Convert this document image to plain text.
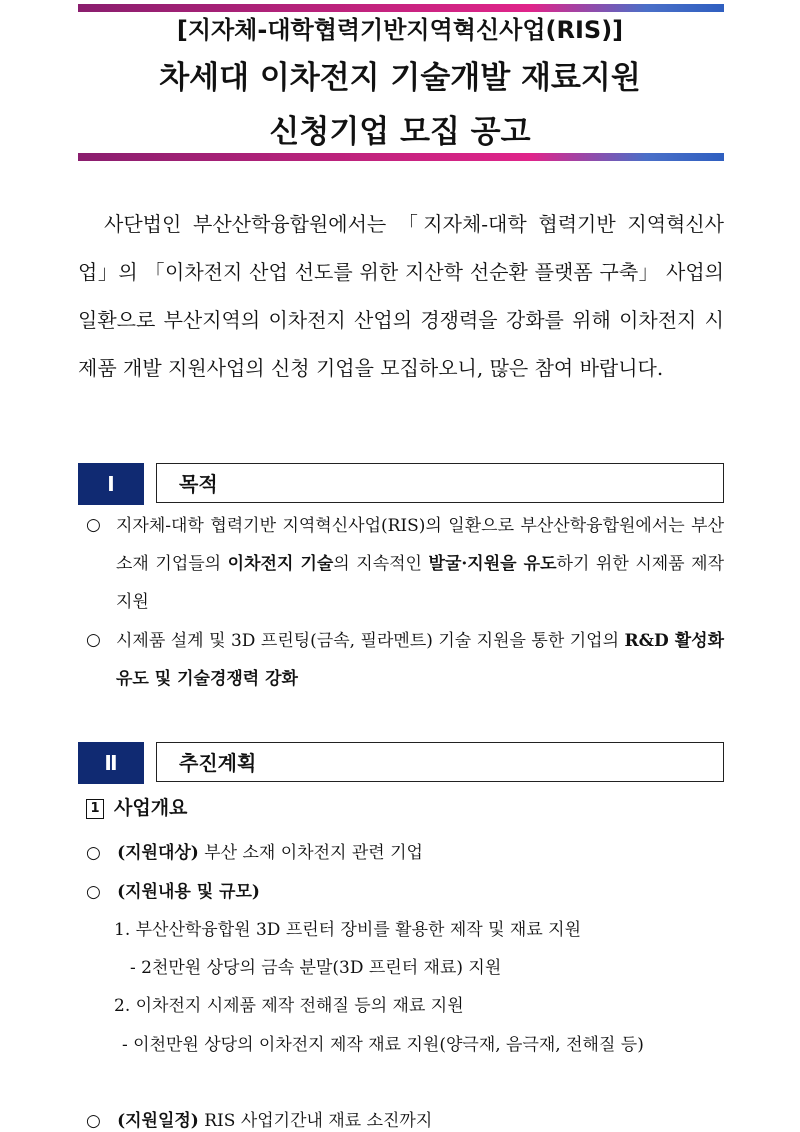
[지자체-대학협력기반지역혁신사업(RIS)]
차세대 이차전지 기술개발 재료지원
신청기업 모집 공고

사단법인 부산산학융합원에서는 「지자체-대학 협력기반 지역혁신사업」의 「이차전지 산업 선도를 위한 지산학 선순환 플랫폼 구축」 사업의 일환으로 부산지역의 이차전지 산업의 경쟁력을 강화를 위해 이차전지 시제품 개발 지원사업의 신청 기업을 모집하오니, 많은 참여 바랍니다.

Ⅰ	목적
○ 지자체-대학 협력기반 지역혁신사업(RIS)의 일환으로 부산산학융합원에서는 부산 소재 기업들의 이차전지 기술의 지속적인 발굴·지원을 유도하기 위한 시제품 제작 지원
○ 시제품 설계 및 3D 프린팅(금속, 필라멘트) 기술 지원을 통한 기업의 R&D 활성화 유도 및 기술경쟁력 강화
Ⅱ	추진계획
1 사업개요
○ (지원대상) 부산 소재 이차전지 관련 기업
○ (지원내용 및 규모)
1. 부산산학융합원 3D 프린터 장비를 활용한 제작 및 재료 지원
- 2천만원 상당의 금속 분말(3D 프린터 재료) 지원
2. 이차전지 시제품 제작 전해질 등의 재료 지원
- 이천만원 상당의 이차전지 제작 재료 지원(양극재, 음극재, 전해질 등)
○ (지원일정) RIS 사업기간내 재료 소진까지
